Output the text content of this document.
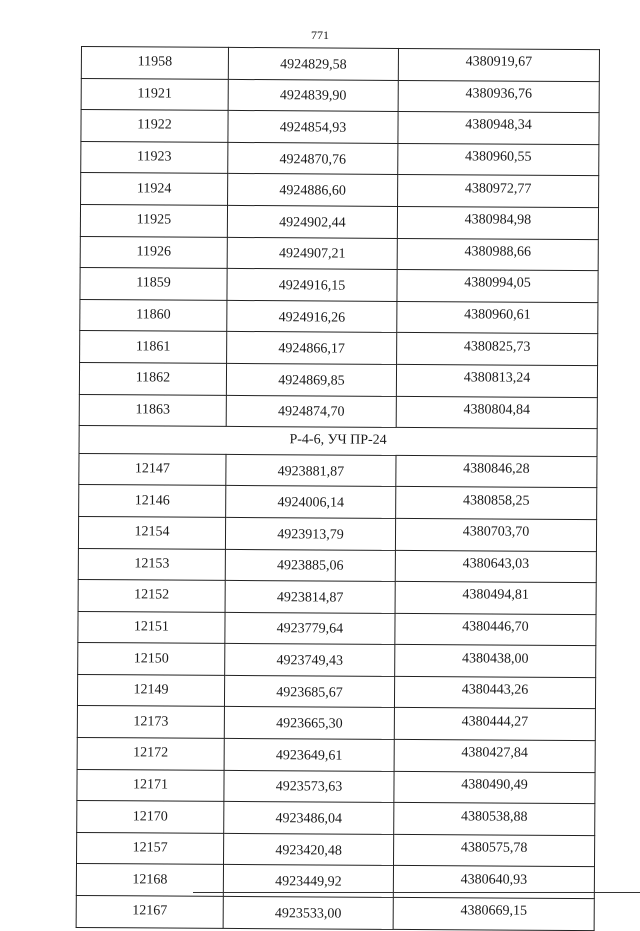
771
11958	4924829,58	4380919,67
11921	4924839,90	4380936,76
11922	4924854,93	4380948,34
11923	4924870,76	4380960,55
11924	4924886,60	4380972,77
11925	4924902,44	4380984,98
11926	4924907,21	4380988,66
11859	4924916,15	4380994,05
11860	4924916,26	4380960,61
11861	4924866,17	4380825,73
11862	4924869,85	4380813,24
11863	4924874,70	4380804,84
Р-4-6, УЧ ПР-24		
12147	4923881,87	4380846,28
12146	4924006,14	4380858,25
12154	4923913,79	4380703,70
12153	4923885,06	4380643,03
12152	4923814,87	4380494,81
12151	4923779,64	4380446,70
12150	4923749,43	4380438,00
12149	4923685,67	4380443,26
12173	4923665,30	4380444,27
12172	4923649,61	4380427,84
12171	4923573,63	4380490,49
12170	4923486,04	4380538,88
12157	4923420,48	4380575,78
12168	4923449,92	4380640,93
12167	4923533,00	4380669,15
